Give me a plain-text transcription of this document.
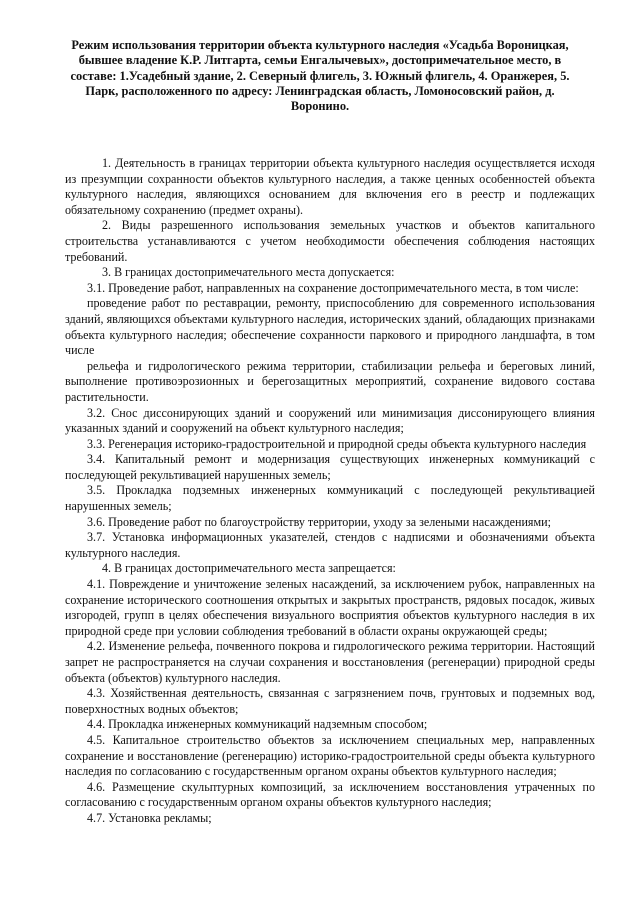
Режим использования территории объекта культурного наследия «Усадьба Вороницкая, бывшее владение К.Р. Литгарта, семьи Енгалычевых», достопримечательное место, в составе: 1.Усадебный здание, 2. Северный флигель, 3. Южный флигель, 4. Оранжерея, 5. Парк, расположенного по адресу: Ленинградская область, Ломоносовский район, д. Воронино.

1. Деятельность в границах территории объекта культурного наследия осуществляется исходя из презумпции сохранности объектов культурного наследия, а также ценных особенностей объекта культурного наследия, являющихся основанием для включения его в реестр и подлежащих обязательному сохранению (предмет охраны).

2. Виды разрешенного использования земельных участков и объектов капитального строительства устанавливаются с учетом необходимости обеспечения соблюдения настоящих требований.

3. В границах достопримечательного места допускается:

3.1. Проведение работ, направленных на сохранение достопримечательного места, в том числе:

проведение работ по реставрации, ремонту, приспособлению для современного использования зданий, являющихся объектами культурного наследия, исторических зданий, обладающих признаками объекта культурного наследия; обеспечение сохранности паркового и природного ландшафта, в том числе

рельефа и гидрологического режима территории, стабилизации рельефа и береговых линий, выполнение противоэрозионных и берегозащитных мероприятий, сохранение видового состава растительности.

3.2. Снос диссонирующих зданий и сооружений или минимизация диссонирующего влияния указанных зданий и сооружений на объект культурного наследия;

3.3. Регенерация историко-градостроительной и природной среды объекта культурного наследия

3.4. Капитальный ремонт и модернизация существующих инженерных коммуникаций с последующей рекультивацией нарушенных земель;

3.5. Прокладка подземных инженерных коммуникаций с последующей рекультивацией нарушенных земель;

3.6. Проведение работ по благоустройству территории, уходу за зелеными насаждениями;

3.7. Установка информационных указателей, стендов с надписями и обозначениями объекта культурного наследия.

4. В границах достопримечательного места запрещается:

4.1. Повреждение и уничтожение зеленых насаждений, за исключением рубок, направленных на сохранение исторического соотношения открытых и закрытых пространств, рядовых посадок, живых изгородей, групп в целях обеспечения визуального восприятия объектов культурного наследия в их природной среде при условии соблюдения требований в области охраны окружающей среды;

4.2. Изменение рельефа, почвенного покрова и гидрологического режима территории. Настоящий запрет не распространяется на случаи сохранения и восстановления (регенерации) природной среды объекта (объектов) культурного наследия.

4.3. Хозяйственная деятельность, связанная с загрязнением почв, грунтовых и подземных вод, поверхностных водных объектов;

4.4. Прокладка инженерных коммуникаций надземным способом;

4.5. Капитальное строительство объектов за исключением специальных мер, направленных сохранение и восстановление (регенерацию) историко-градостроительной среды объекта культурного наследия по согласованию с государственным органом охраны объектов культурного наследия;

4.6. Размещение скульптурных композиций, за исключением восстановления утраченных по согласованию с государственным органом охраны объектов культурного наследия;

4.7. Установка рекламы;
